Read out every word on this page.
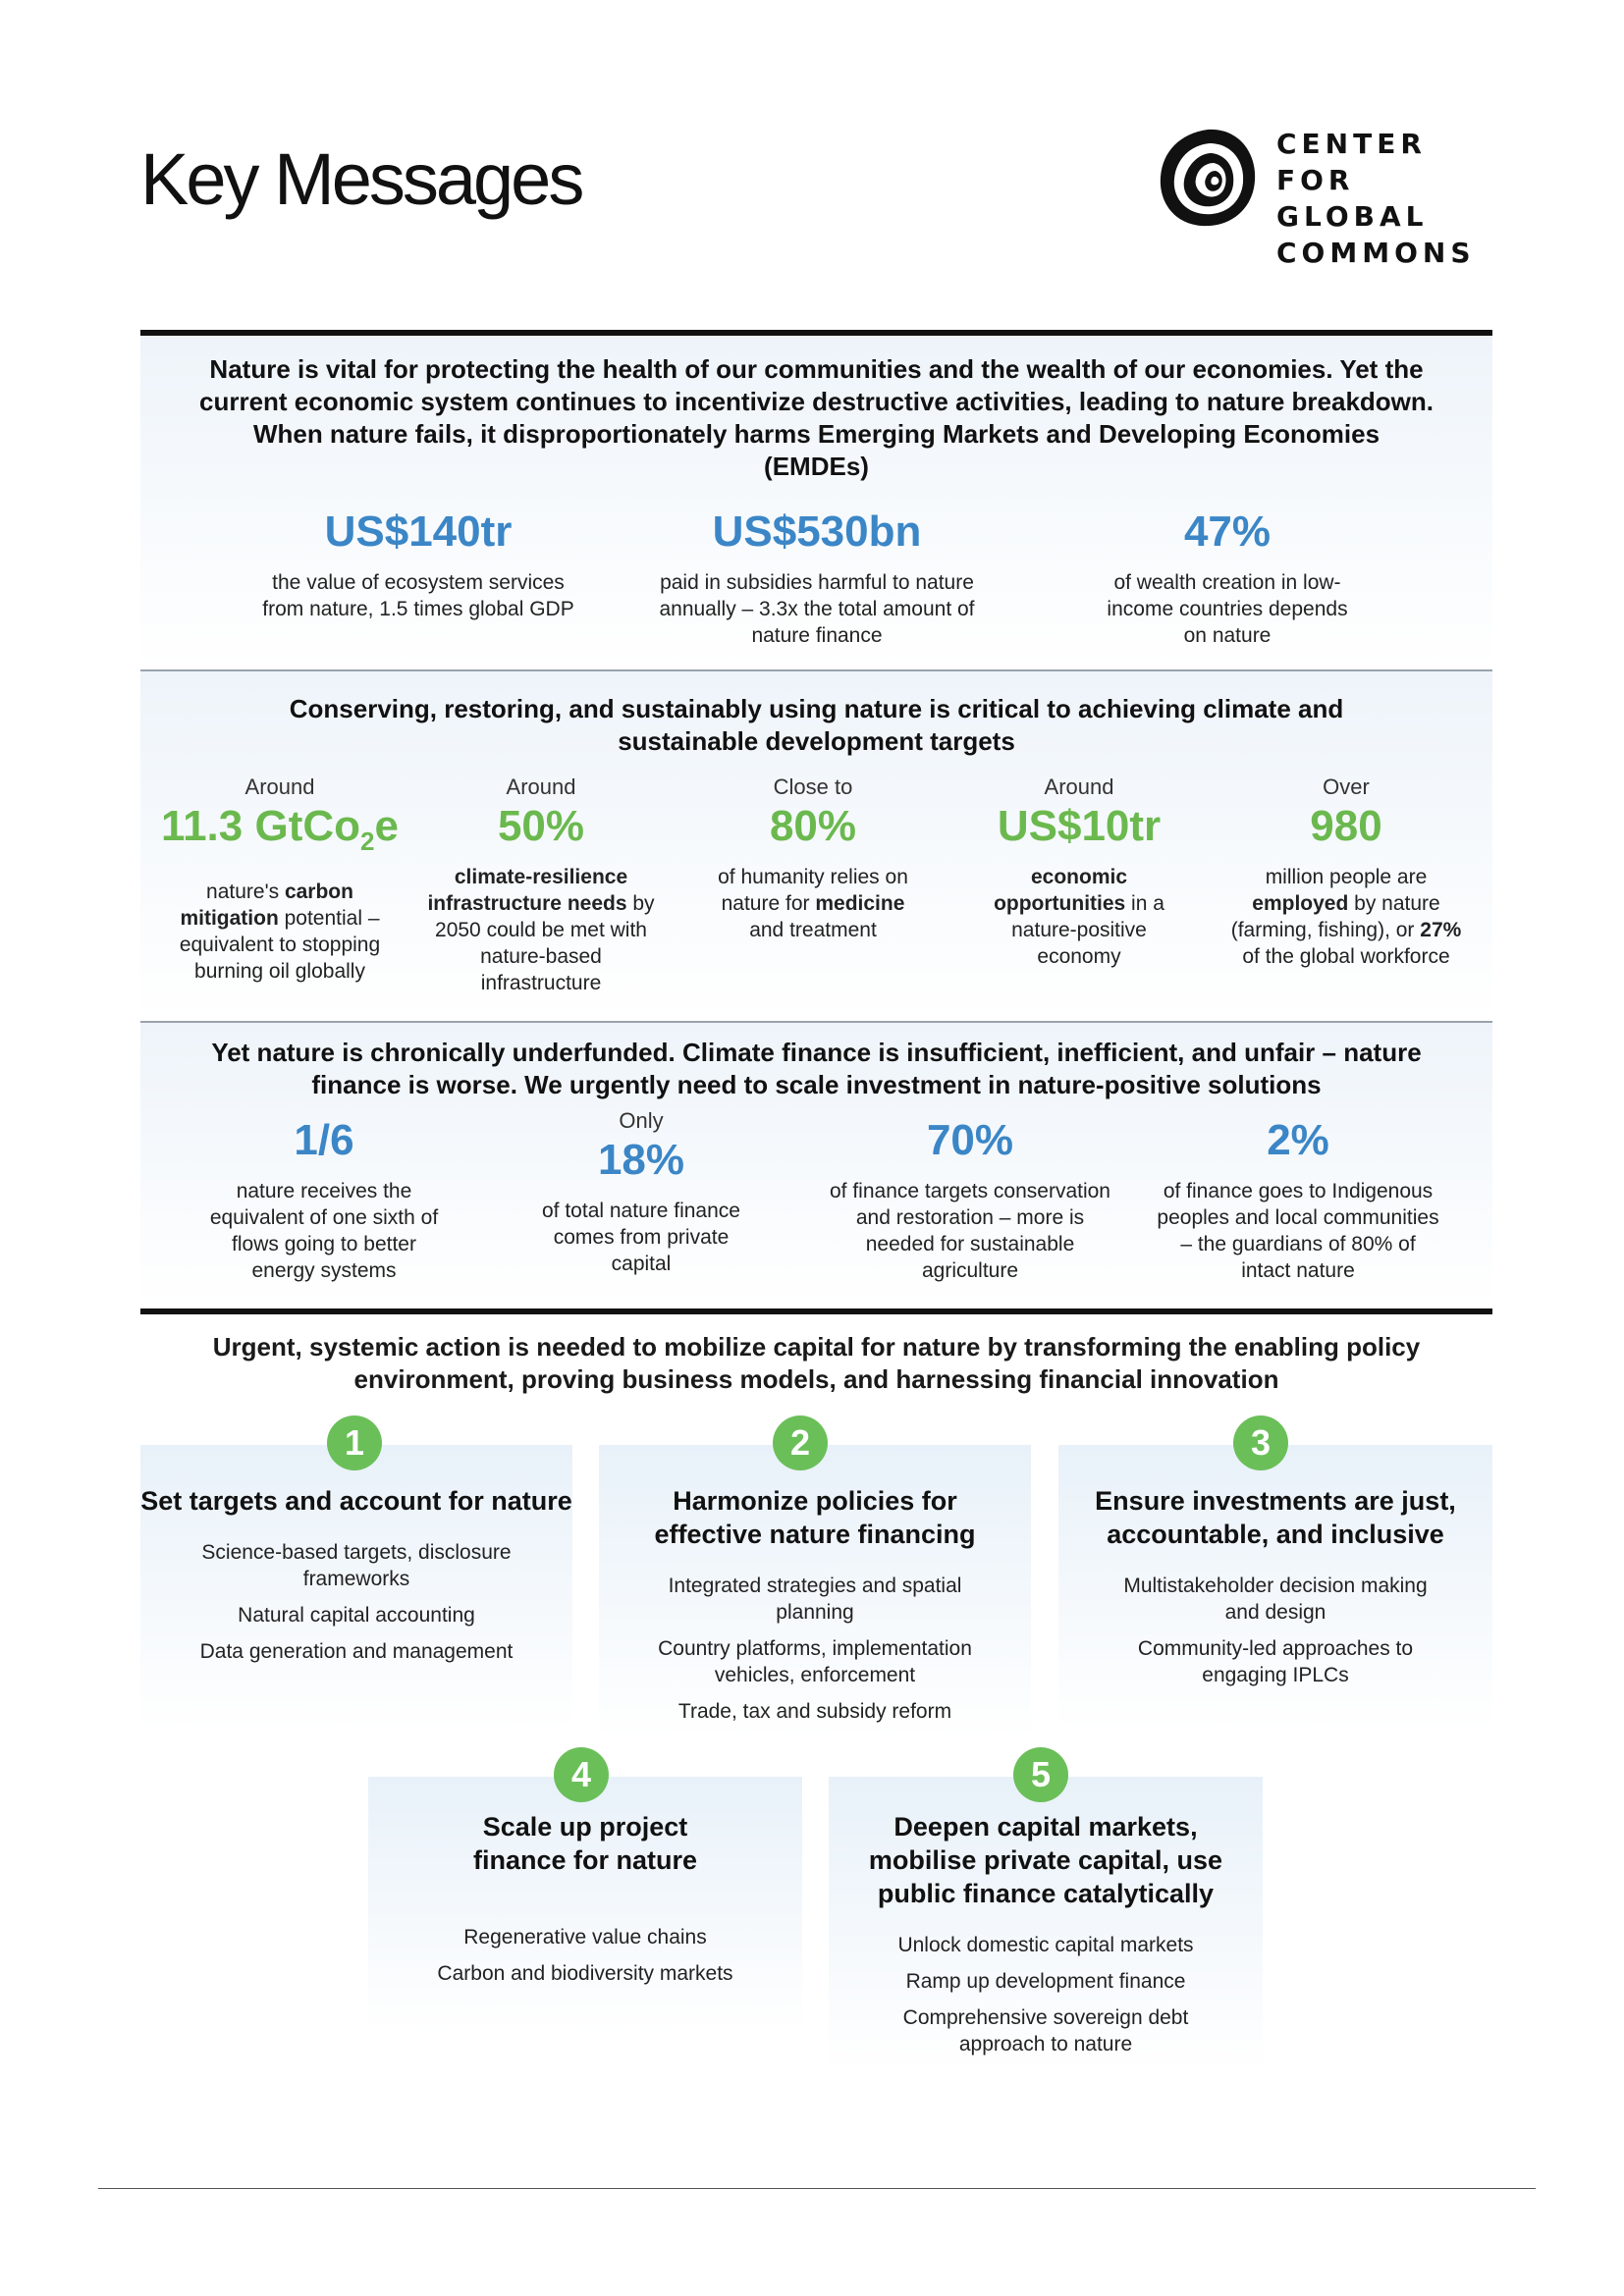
Key Messages	CENTER FOR
GLOBAL
COMMONS
Nature is vital for protecting the health of our communities and the wealth of our economies. Yet the current economic system continues to incentivize destructive activities, leading to nature breakdown. When nature fails, it disproportionately harms Emerging Markets and Developing Economies (EMDEs)
US$140tr
the value of ecosystem services from nature, 1.5 times global GDP
US$530bn
paid in subsidies harmful to nature annually – 3.3x the total amount of nature finance
47%
of wealth creation in low-income countries depends on nature
Conserving, restoring, and sustainably using nature is critical to achieving climate and sustainable development targets
Around
11.3 GtCo$_2$e
nature's carbon mitigation potential – equivalent to stopping burning oil globally
Around
50%
climate-resilience infrastructure needs by 2050 could be met with nature-based infrastructure
Close to
80%
of humanity relies on nature for medicine and treatment
Around
US$10tr
economic opportunities in a nature-positive economy
Over
980
million people are employed by nature (farming, fishing), or 27% of the global workforce
Yet nature is chronically underfunded. Climate finance is insufficient, inefficient, and unfair – nature finance is worse. We urgently need to scale investment in nature-positive solutions
1/6
nature receives the equivalent of one sixth of flows going to better energy systems
Only
18%
of total nature finance comes from private capital
70%
of finance targets conservation and restoration – more is needed for sustainable agriculture
2%
of finance goes to Indigenous peoples and local communities – the guardians of 80% of intact nature
Urgent, systemic action is needed to mobilize capital for nature by transforming the enabling policy environment, proving business models, and harnessing financial innovation
Set targets and account for nature
Science-based targets, disclosure frameworks
Natural capital accounting
Data generation and management
1
Harmonize policies for effective nature financing
Integrated strategies and spatial planning
Country platforms, implementation vehicles, enforcement
Trade, tax and subsidy reform
2
Ensure investments are just, accountable, and inclusive
Multistakeholder decision making and design
Community-led approaches to engaging IPLCs
3
Scale up project finance for nature
Regenerative value chains
Carbon and biodiversity markets
4
Deepen capital markets, mobilise private capital, use public finance catalytically
Unlock domestic capital markets
Ramp up development finance
Comprehensive sovereign debt approach to nature
5
